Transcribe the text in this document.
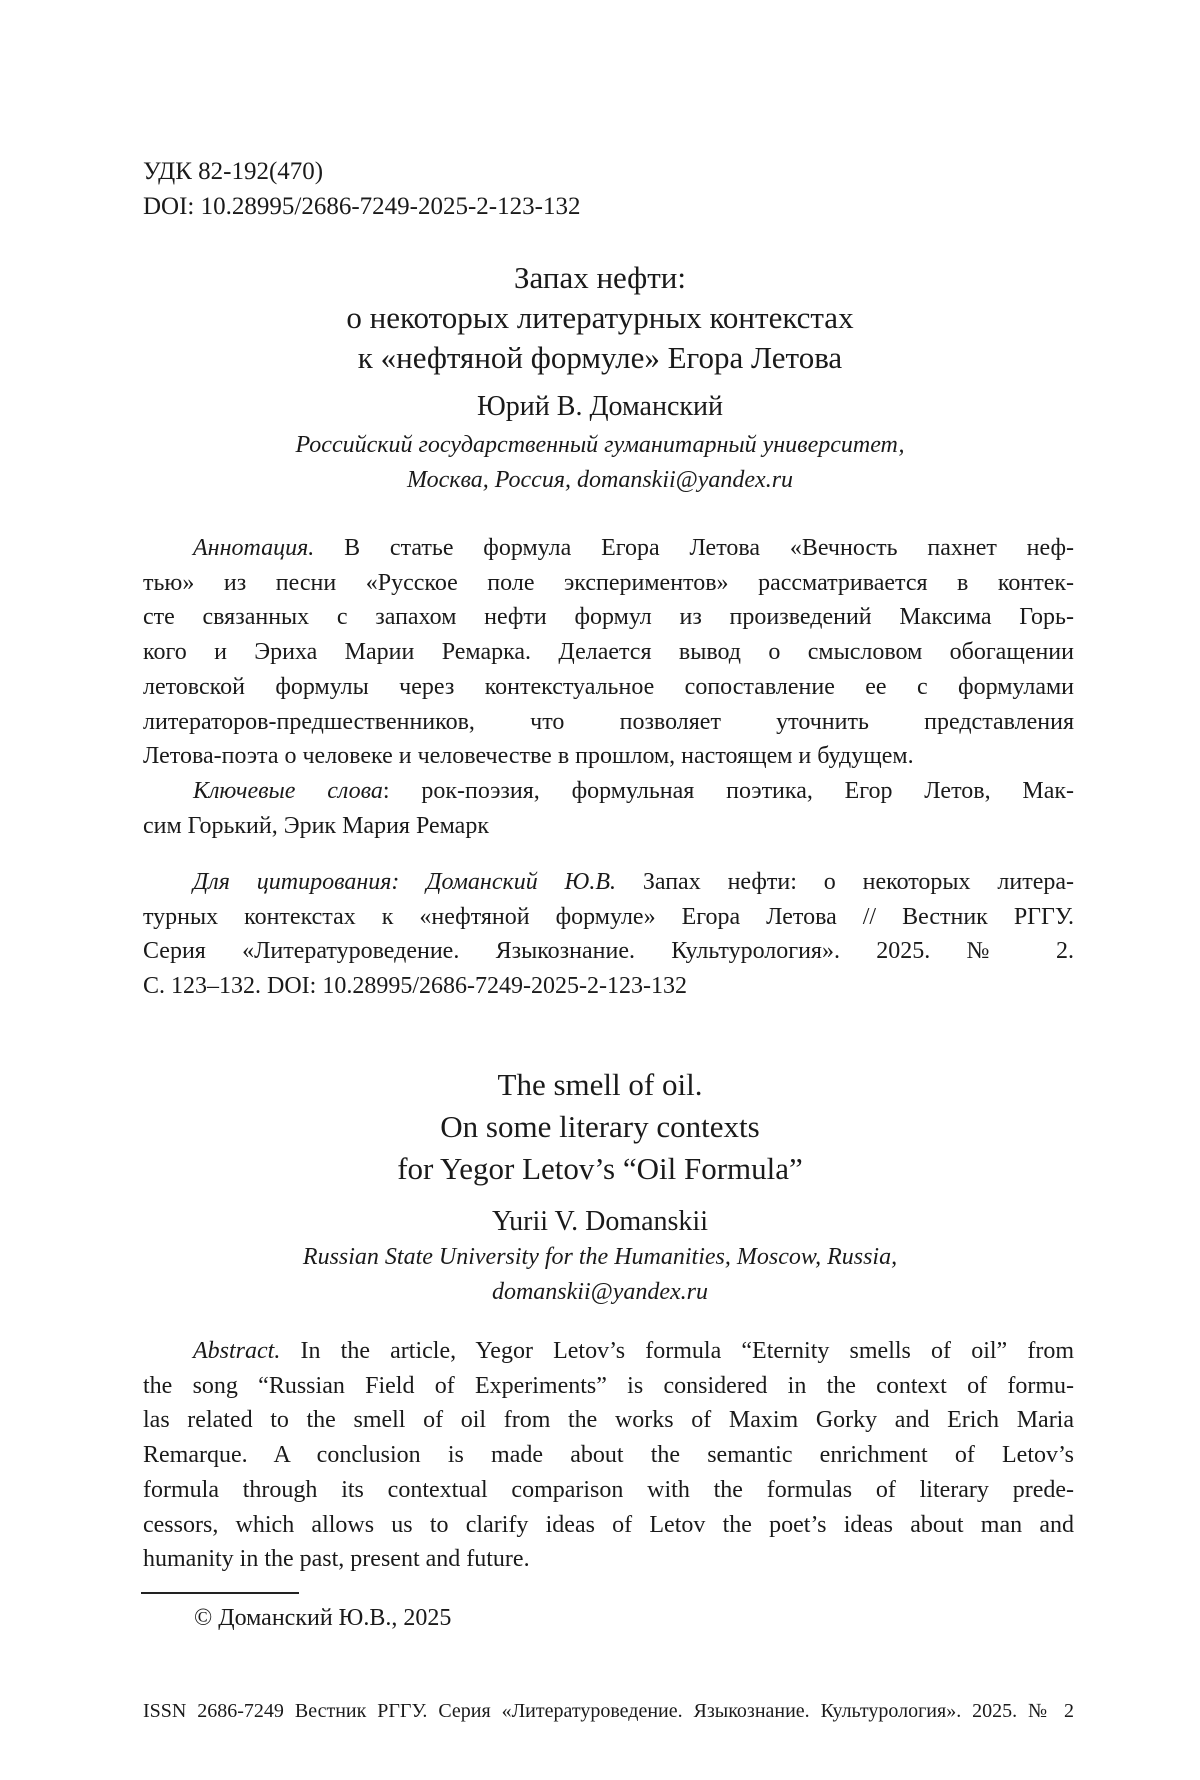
УДК 82-192(470)
DOI: 10.28995/2686-7249-2025-2-123-132
Запах нефти:
о некоторых литературных контекстах
к «нефтяной формуле» Егора Летова
Юрий В. Доманский
Российский государственный гуманитарный университет,
Москва, Россия, domanskii@yandex.ru
Аннотация. В статье формула Егора Летова «Вечность пахнет неф-
тью» из песни «Русское поле экспериментов» рассматривается в контек-
сте связанных с запахом нефти формул из произведений Максима Горь-
кого и Эриха Марии Ремарка. Делается вывод о смысловом обогащении
летовской формулы через контекстуальное сопоставление ее с формулами
литераторов-предшественников, что позволяет уточнить представления
Летова-поэта о человеке и человечестве в прошлом, настоящем и будущем.
Ключевые слова: рок-поэзия, формульная поэтика, Егор Летов, Мак-
сим Горький, Эрик Мария Ремарк
Для цитирования: Доманский Ю.В. Запах нефти: о некоторых литера-
турных контекстах к «нефтяной формуле» Егора Летова // Вестник РГГУ.
Серия «Литературоведение. Языкознание. Культурология». 2025. № 2.
С. 123–132. DOI: 10.28995/2686-7249-2025-2-123-132
The smell of oil.
On some literary contexts
for Yegor Letov’s “Oil Formula”
Yurii V. Domanskii
Russian State University for the Humanities, Moscow, Russia,
domanskii@yandex.ru
Abstract. In the article, Yegor Letov’s formula “Eternity smells of oil” from
the song “Russian Field of Experiments” is considered in the context of formu-
las related to the smell of oil from the works of Maxim Gorky and Erich Maria
Remarque. A conclusion is made about the semantic enrichment of Letov’s
formula through its contextual comparison with the formulas of literary prede-
cessors, which allows us to clarify ideas of Letov the poet’s ideas about man and
humanity in the past, present and future.
© Доманский Ю.В., 2025
ISSN 2686-7249 Вестник РГГУ. Серия «Литературоведение. Языкознание. Культурология». 2025. № 2
